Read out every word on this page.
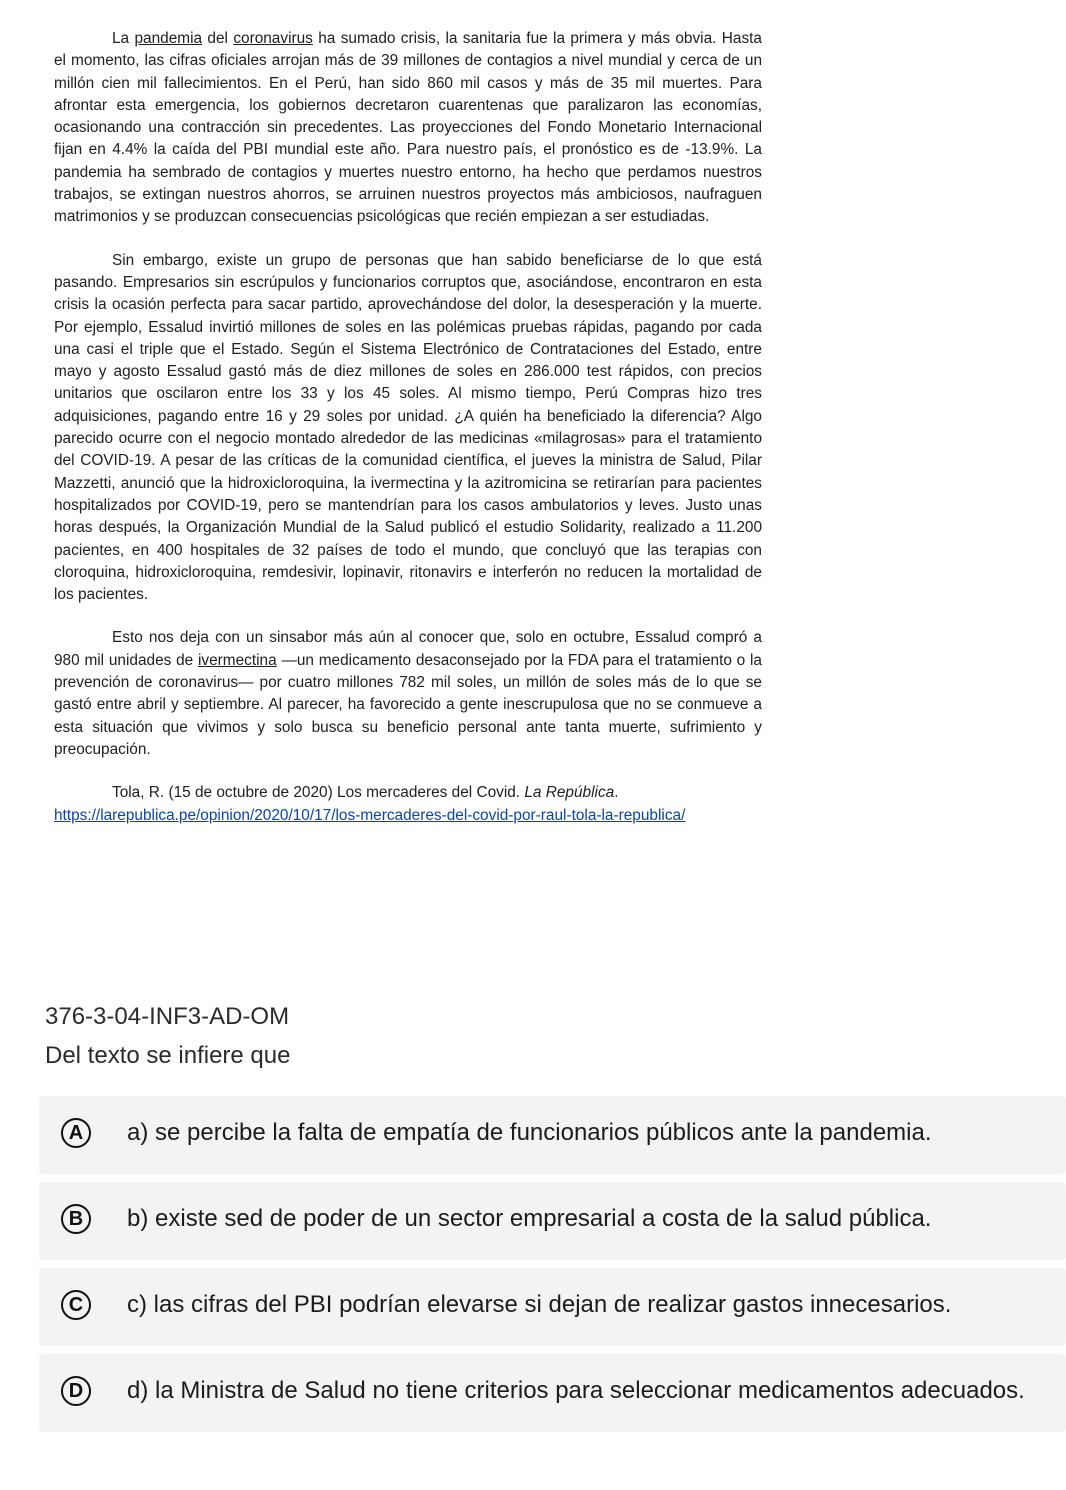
La pandemia del coronavirus ha sumado crisis, la sanitaria fue la primera y más obvia. Hasta el momento, las cifras oficiales arrojan más de 39 millones de contagios a nivel mundial y cerca de un millón cien mil fallecimientos. En el Perú, han sido 860 mil casos y más de 35 mil muertes. Para afrontar esta emergencia, los gobiernos decretaron cuarentenas que paralizaron las economías, ocasionando una contracción sin precedentes. Las proyecciones del Fondo Monetario Internacional fijan en 4.4% la caída del PBI mundial este año. Para nuestro país, el pronóstico es de -13.9%. La pandemia ha sembrado de contagios y muertes nuestro entorno, ha hecho que perdamos nuestros trabajos, se extingan nuestros ahorros, se arruinen nuestros proyectos más ambiciosos, naufraguen matrimonios y se produzcan consecuencias psicológicas que recién empiezan a ser estudiadas.

Sin embargo, existe un grupo de personas que han sabido beneficiarse de lo que está pasando. Empresarios sin escrúpulos y funcionarios corruptos que, asociándose, encontraron en esta crisis la ocasión perfecta para sacar partido, aprovechándose del dolor, la desesperación y la muerte. Por ejemplo, Essalud invirtió millones de soles en las polémicas pruebas rápidas, pagando por cada una casi el triple que el Estado. Según el Sistema Electrónico de Contrataciones del Estado, entre mayo y agosto Essalud gastó más de diez millones de soles en 286.000 test rápidos, con precios unitarios que oscilaron entre los 33 y los 45 soles. Al mismo tiempo, Perú Compras hizo tres adquisiciones, pagando entre 16 y 29 soles por unidad. ¿A quién ha beneficiado la diferencia? Algo parecido ocurre con el negocio montado alrededor de las medicinas «milagrosas» para el tratamiento del COVID-19. A pesar de las críticas de la comunidad científica, el jueves la ministra de Salud, Pilar Mazzetti, anunció que la hidroxicloroquina, la ivermectina y la azitromicina se retirarían para pacientes hospitalizados por COVID-19, pero se mantendrían para los casos ambulatorios y leves. Justo unas horas después, la Organización Mundial de la Salud publicó el estudio Solidarity, realizado a 11.200 pacientes, en 400 hospitales de 32 países de todo el mundo, que concluyó que las terapias con cloroquina, hidroxicloroquina, remdesivir, lopinavir, ritonavirs e interferón no reducen la mortalidad de los pacientes.

Esto nos deja con un sinsabor más aún al conocer que, solo en octubre, Essalud compró a 980 mil unidades de ivermectina —un medicamento desaconsejado por la FDA para el tratamiento o la prevención de coronavirus— por cuatro millones 782 mil soles, un millón de soles más de lo que se gastó entre abril y septiembre. Al parecer, ha favorecido a gente inescrupulosa que no se conmueve a esta situación que vivimos y solo busca su beneficio personal ante tanta muerte, sufrimiento y preocupación.

Tola, R. (15 de octubre de 2020) Los mercaderes del Covid. La República.
https://larepublica.pe/opinion/2020/10/17/los-mercaderes-del-covid-por-raul-tola-la-republica/

376-3-04-INF3-AD-OM
Del texto se infiere que
A	a) se percibe la falta de empatía de funcionarios públicos ante la pandemia.
B	b) existe sed de poder de un sector empresarial a costa de la salud pública.
C	c) las cifras del PBI podrían elevarse si dejan de realizar gastos innecesarios.
D	d) la Ministra de Salud no tiene criterios para seleccionar medicamentos adecuados.
